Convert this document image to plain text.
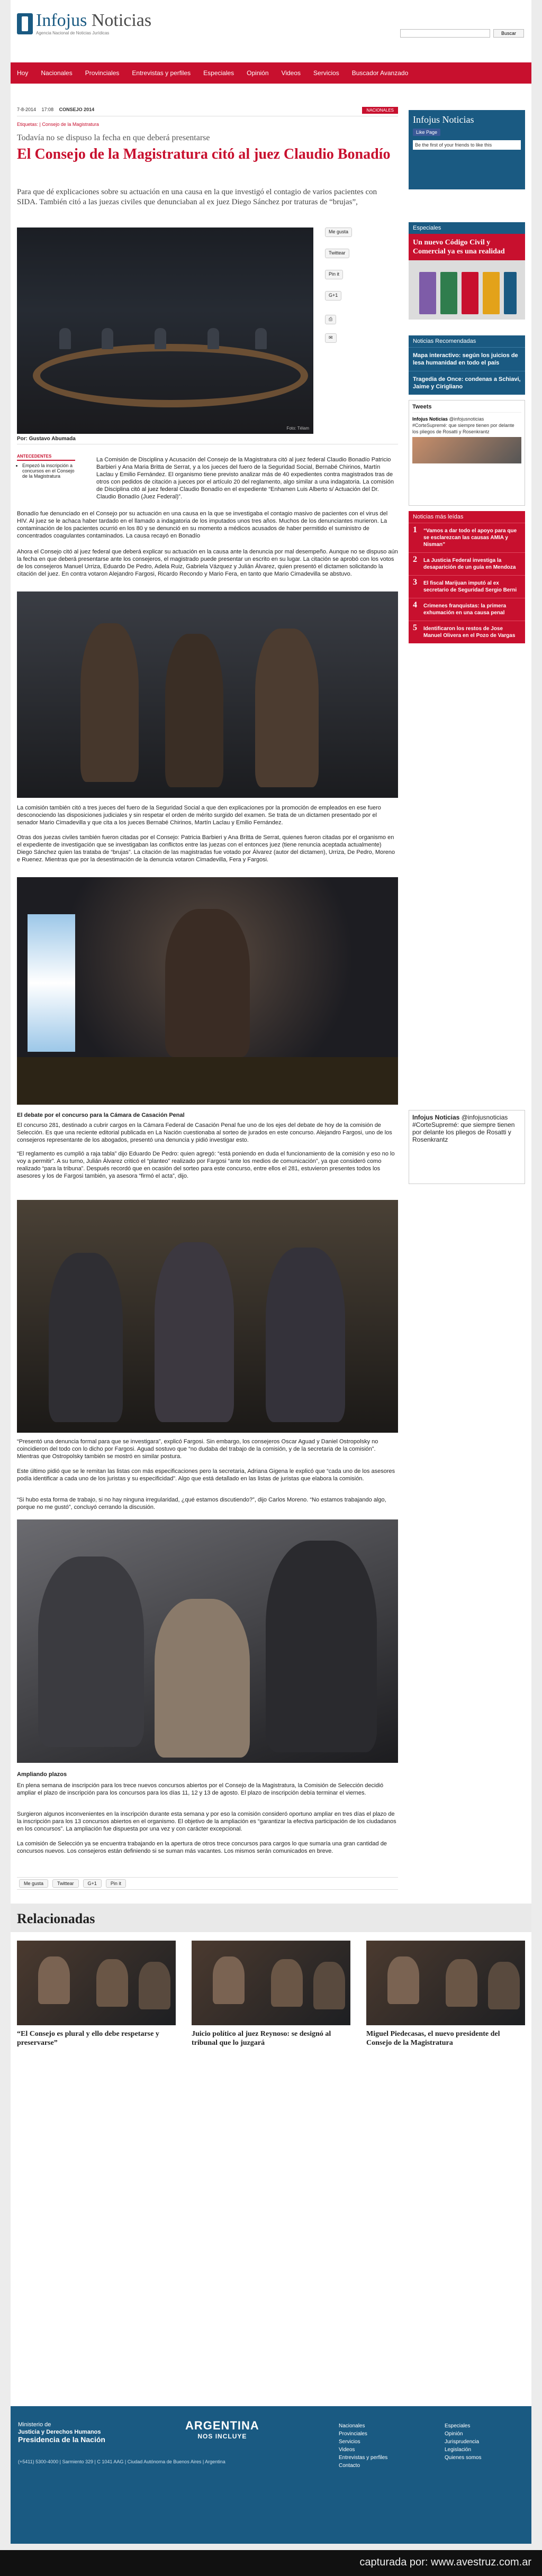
Infojus Noticias
Agencia Nacional de Noticias Jurídicas	Buscar
Hoy Nacionales Provinciales Entrevistas y perfiles Especiales Opinión Videos Servicios Buscador Avanzado
7-8-2014 17:08 CONSEJO 2014	NACIONALES
Etiquetas: | Consejo de la Magistratura
Todavía no se dispuso la fecha en que deberá presentarse
El Consejo de la Magistratura citó al juez Claudio Bonadío
Para que dé explicaciones sobre su actuación en una causa en la que investigó el contagio de varios pacientes con SIDA. También citó a las juezas civiles que denunciaban al ex juez Diego Sánchez por traturas de “brujas”,
Foto: Télam
Me gusta
Twittear
Pin it
G+1
⎙
✉
Por: Gustavo Abumada
ANTECEDENTES
• Empezó la inscripción a concursos en el Consejo de la Magistratura

La Comisión de Disciplina y Acusación del Consejo de la Magistratura citó al juez federal Claudio Bonadío Patricio Barbieri y Ana Maria Britta de Serrat, y a los jueces del fuero de la Seguridad Social, Bernabé Chirinos, Martín Laclau y Emilio Fernández. El organismo tiene previsto analizar más de 40 expedientes contra magistrados tras de otros con pedidos de citación a jueces por el artículo 20 del reglamento, algo similar a una indagatoria. La comisión de Disciplina citó al juez federal Claudio Bonadío en el expediente “Enhamen Luis Alberto s/ Actuación del Dr. Claudio Bonadío (Juez Federal)”.

Bonadío fue denunciado en el Consejo por su actuación en una causa en la que se investigaba el contagio masivo de pacientes con el virus del HIV. Al juez se le achaca haber tardado en el llamado a indagatoria de los imputados unos tres años. Muchos de los denunciantes murieron. La contaminación de los pacientes ocurrió en los 80 y se denunció en su momento a médicos acusados de haber permitido el suministro de concentrados coagulantes contaminados. La causa recayó en Bonadío

Ahora el Consejo citó al juez federal que deberá explicar su actuación en la causa ante la denuncia por mal desempeño. Aunque no se dispuso aún la fecha en que deberá presentarse ante los consejeros, el magistrado puede presentar un escrito en su lugar. La citación se aprobó con los votos de los consejeros Manuel Urriza, Eduardo De Pedro, Adela Ruiz, Gabriela Vázquez y Julián Álvarez, quien presentó el dictamen solicitando la citación del juez. En contra votaron Alejandro Fargosi, Ricardo Recondo y Mario Fera, en tanto que Mario Cimadevilla se abstuvo.

La comisión también citó a tres jueces del fuero de la Seguridad Social a que den explicaciones por la promoción de empleados en ese fuero desconociendo las disposiciones judiciales y sin respetar el orden de mérito surgido del examen. Se trata de un dictamen presentado por el senador Mario Cimadevilla y que cita a los jueces Bernabé Chirinos, Martín Laclau y Emilio Fernández.

Otras dos juezas civiles también fueron citadas por el Consejo: Patricia Barbieri y Ana Britta de Serrat, quienes fueron citadas por el organismo en el expediente de investigación que se investigaban las conflictos entre las juezas con el entonces juez (tiene renuncia aceptada actualmente) Diego Sánchez quien las trataba de “brujas”. La citación de las magistradas fue votado por Álvarez (autor del dictamen), Urriza, De Pedro, Moreno e Ruenez. Mientras que por la desestimación de la denuncia votaron Cimadevilla, Fera y Fargosi.

El debate por el concurso para la Cámara de Casación Penal

El concurso 281, destinado a cubrir cargos en la Cámara Federal de Casación Penal fue uno de los ejes del debate de hoy de la comisión de Selección. Es que una reciente editorial publicada en La Nación cuestionaba al sorteo de jurados en este concurso. Alejandro Fargosi, uno de los consejeros representante de los abogados, presentó una denuncia y pidió investigar esto.

“El reglamento es cumplió a raja tabla” dijo Eduardo De Pedro: quien agregó: “está poniendo en duda el funcionamiento de la comisión y eso no lo voy a permitir”. A su turno, Julián Álvarez criticó el “planteo” realizado por Fargosi “ante los medios de comunicación”, ya que consideró como realizado “para la tribuna”. Después recordó que en ocasión del sorteo para este concurso, entre ellos el 281, estuvieron presentes todos los asesores y los de Fargosi también, ya asesora “firmó el acta”, dijo.

“Presentó una denuncia formal para que se investigara”, explicó Fargosi. Sin embargo, los consejeros Oscar Aguad y Daniel Ostropolsky no coincidieron del todo con lo dicho por Fargosi. Aguad sostuvo que “no dudaba del trabajo de la comisión, y de la secretaria de la comisión”. Mientras que Ostropolsky también se mostró en similar postura.

Este último pidió que se le remitan las listas con más especificaciones pero la secretaria, Adriana Gigena le explicó que “cada uno de los asesores podía identificar a cada uno de los juristas y su especificidad”. Algo que está detallado en las listas de juristas que elabora la comisión.

“Si hubo esta forma de trabajo, si no hay ninguna irregularidad, ¿qué estamos discutiendo?”, dijo Carlos Moreno. “No estamos trabajando algo, porque no me gustó”, concluyó cerrando la discusión.

Ampliando plazos

En plena semana de inscripción para los trece nuevos concursos abiertos por el Consejo de la Magistratura, la Comisión de Selección decidió ampliar el plazo de inscripción para los concursos para los días 11, 12 y 13 de agosto. El plazo de inscripción debía terminar el viernes.

Surgieron algunos inconvenientes en la inscripción durante esta semana y por eso la comisión consideró oportuno ampliar en tres días el plazo de la inscripción para los 13 concursos abiertos en el organismo. El objetivo de la ampliación es “garantizar la efectiva participación de los ciudadanos en los concursos”. La ampliación fue dispuesta por una vez y con carácter excepcional.

La comisión de Selección ya se encuentra trabajando en la apertura de otros trece concursos para cargos lo que sumaría una gran cantidad de concursos nuevos. Los consejeros están definiendo si se suman más vacantes. Los mismos serán comunicados en breve.

Me gusta	Twittear	G+1	Pin it
Infojus Noticias
Like Page
Be the first of your friends to like this
Especiales
Un nuevo Código Civil y Comercial ya es una realidad
Noticias Recomendadas
Mapa interactivo: según los juicios de lesa humanidad en todo el país
Tragedia de Once: condenas a Schiavi, Jaime y Cirigliano
Tweets
Infojus Noticias @infojusnoticias
#CorteSupremé: que siempre tienen por delante los pliegos de Rosatti y Rosenkrantz
Noticias más leídas
1 “Vamos a dar todo el apoyo para que se esclarezcan las causas AMIA y Nisman”
2 La Justicia Federal investiga la desaparición de un guía en Mendoza
3 El fiscal Marijuan imputó al ex secretario de Seguridad Sergio Berni
4 Crimenes franquistas: la primera exhumación en una causa penal
5 Identificaron los restos de Jose Manuel Olivera en el Pozo de Vargas
Infojus Noticias @infojusnoticias
#CorteSupremé: que siempre tienen por delante los pliegos de Rosatti y Rosenkrantz
Relacionadas
“El Consejo es plural y ello debe respetarse y preservarse”
Juicio político al juez Reynoso: se designó al tribunal que lo juzgará
Miguel Piedecasas, el nuevo presidente del Consejo de la Magistratura
Ministerio de
Justicia y Derechos Humanos
Presidencia de la Nación
ARGENTINA
NOS INCLUYE
Nacionales
Provinciales
Servicios
Videos
Entrevistas y perfiles
Contacto
Especiales
Opinión
Jurisprudencia
Legislación
Quienes somos
(+5411) 5300-4000 | Sarmiento 329 | C 1041 AAG | Ciudad Autónoma de Buenos Aires | Argentina
capturada por: www.avestruz.com.ar
